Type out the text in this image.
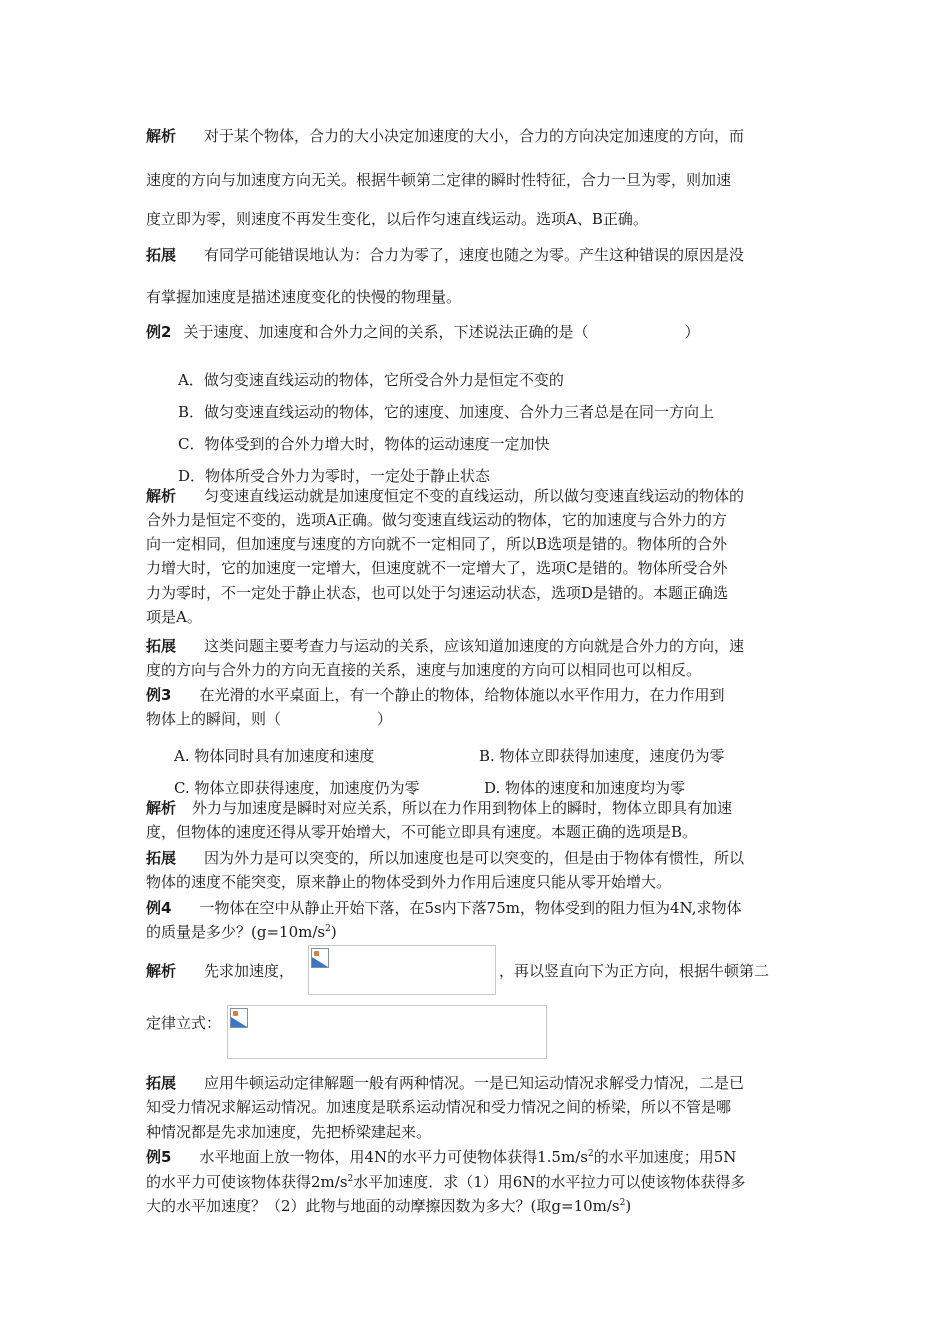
解析 对于某个物体，合力的大小决定加速度的大小，合力的方向决定加速度的方向，而
速度的方向与加速度方向无关。根据牛顿第二定律的瞬时性特征，合力一旦为零，则加速
度立即为零，则速度不再发生变化，以后作匀速直线运动。选项A、B正确。
拓展 有同学可能错误地认为：合力为零了，速度也随之为零。产生这种错误的原因是没
有掌握加速度是描述速度变化的快慢的物理量。
例2 关于速度、加速度和合外力之间的关系，下述说法正确的是（	）
A．做匀变速直线运动的物体，它所受合外力是恒定不变的
B．做匀变速直线运动的物体，它的速度、加速度、合外力三者总是在同一方向上
C．物体受到的合外力增大时，物体的运动速度一定加快
D．物体所受合外力为零时，一定处于静止状态
解析 匀变速直线运动就是加速度恒定不变的直线运动，所以做匀变速直线运动的物体的
合外力是恒定不变的，选项A正确。做匀变速直线运动的物体，它的加速度与合外力的方
向一定相同，但加速度与速度的方向就不一定相同了，所以B选项是错的。物体所的合外
力增大时，它的加速度一定增大，但速度就不一定增大了，选项C是错的。物体所受合外
力为零时，不一定处于静止状态，也可以处于匀速运动状态，选项D是错的。本题正确选
项是A。
拓展 这类问题主要考查力与运动的关系，应该知道加速度的方向就是合外力的方向，速
度的方向与合外力的方向无直接的关系，速度与加速度的方向可以相同也可以相反。
例3 在光滑的水平桌面上，有一个静止的物体，给物体施以水平作用力，在力作用到
物体上的瞬间，则（	）
A. 物体同时具有加速度和速度	B. 物体立即获得加速度，速度仍为零
C. 物体立即获得速度，加速度仍为零	D. 物体的速度和加速度均为零
解析 外力与加速度是瞬时对应关系，所以在力作用到物体上的瞬时，物体立即具有加速
度，但物体的速度还得从零开始增大，不可能立即具有速度。本题正确的选项是B。
拓展 因为外力是可以突变的，所以加速度也是可以突变的，但是由于物体有惯性，所以
物体的速度不能突变，原来静止的物体受到外力作用后速度只能从零开始增大。
例4 一物体在空中从静止开始下落，在5s内下落75m，物体受到的阻力恒为4N,求物体
的质量是多少？$(g=10m/s^2)$
解析 先求加速度，	，再以竖直向下为正方向，根据牛顿第二
定律立式：
拓展 应用牛顿运动定律解题一般有两种情况。一是已知运动情况求解受力情况，二是已
知受力情况求解运动情况。加速度是联系运动情况和受力情况之间的桥梁，所以不管是哪
种情况都是先求加速度，先把桥梁建起来。
例5 水平地面上放一物体，用4N的水平力可使物体获得$1.5m/s^2$的水平加速度；用5N
的水平力可使该物体获得$2m/s^2$水平加速度．求（1）用6N的水平拉力可以使该物体获得多
大的水平加速度？（2）此物与地面的动摩擦因数为多大？(取$g=10m/s^2$)
